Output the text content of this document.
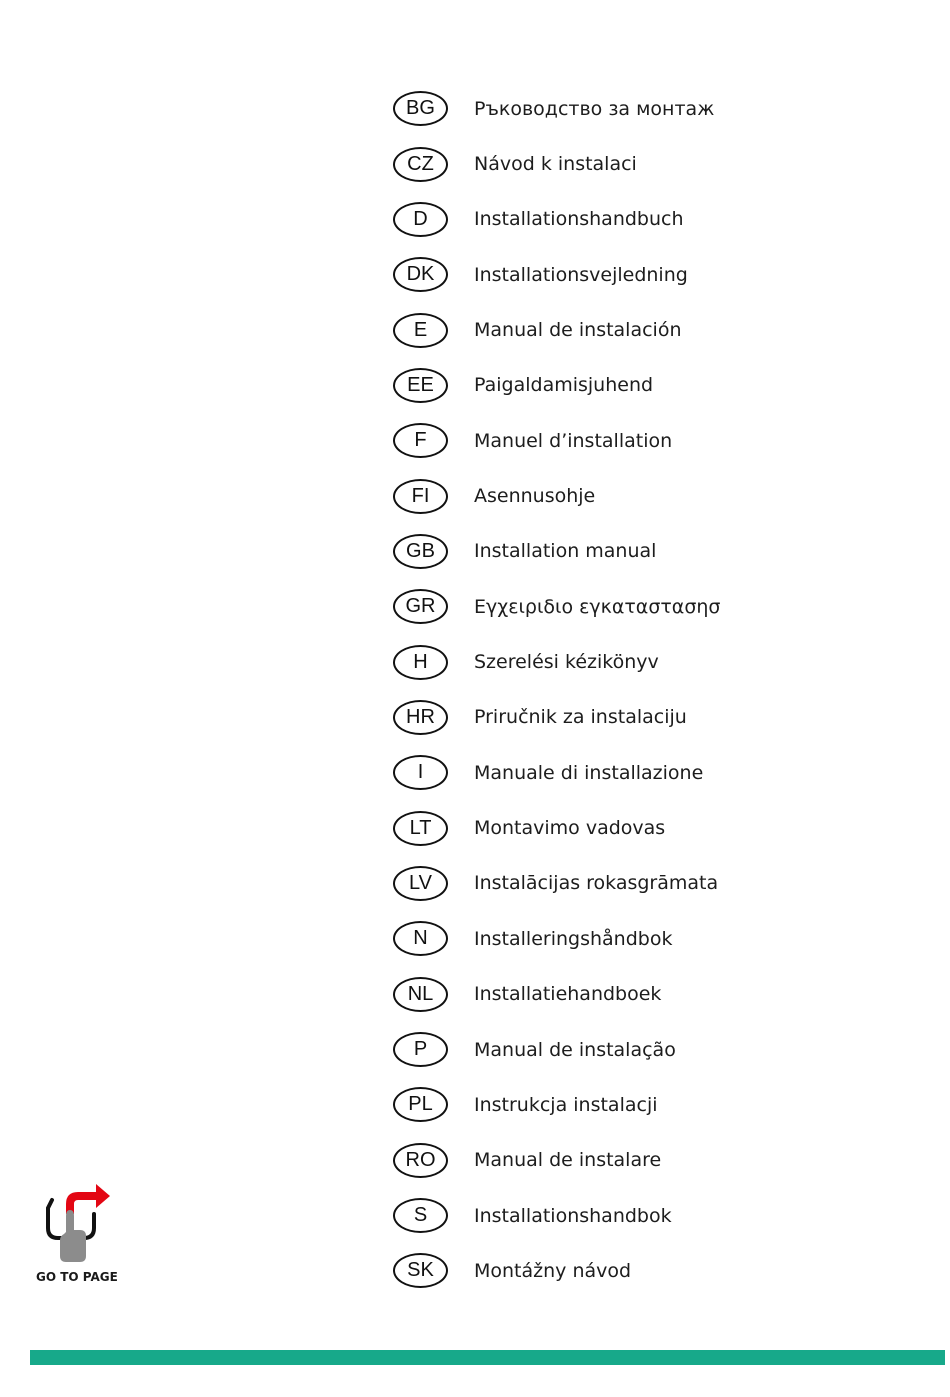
BG	Ръководство за монтаж
CZ	Návod k instalaci
D	Installationshandbuch
DK	Installationsvejledning
E	Manual de instalación
EE	Paigaldamisjuhend
F	Manuel d’installation
FI	Asennusohje
GB	Installation manual
GR	Εγχειριδιο εγκαταστασησ
H	Szerelési kézikönyv
HR	Priručnik za instalaciju
I	Manuale di installazione
LT	Montavimo vadovas
LV	Instalācijas rokasgrāmata
N	Installeringshåndbok
NL	Installatiehandboek
P	Manual de instalação
PL	Instrukcja instalacji
RO	Manual de instalare
S	Installationshandbok
SK	Montážny návod
GO TO PAGE
